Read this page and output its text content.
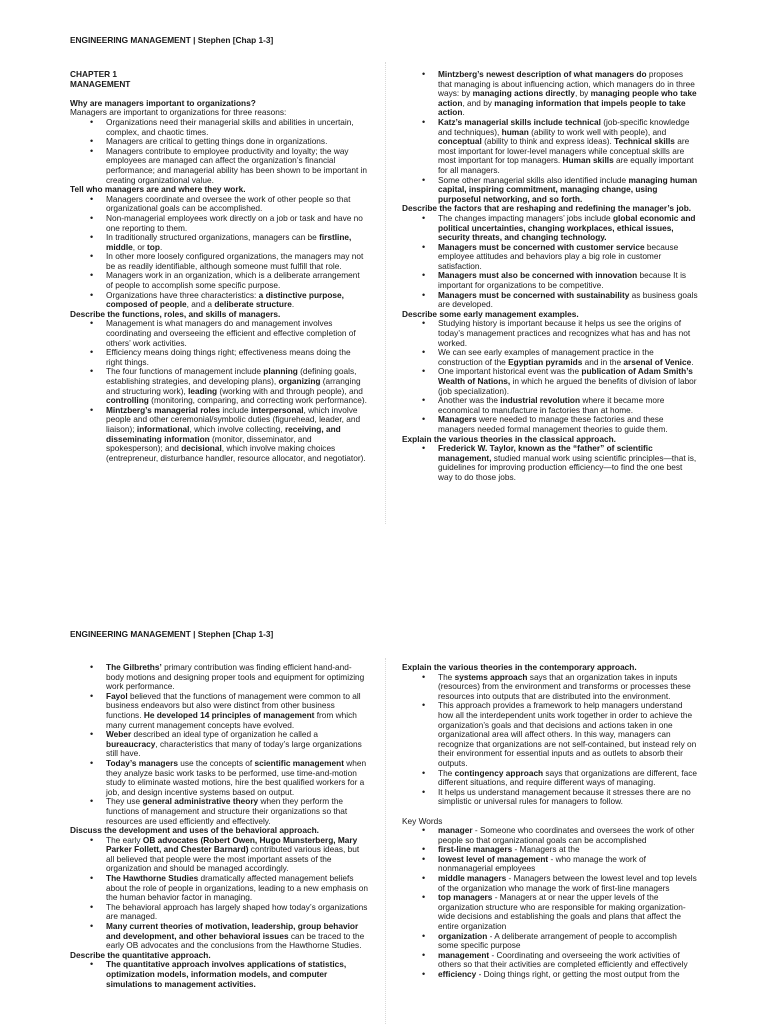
ENGINEERING MANAGEMENT | Stephen [Chap 1-3]
CHAPTER 1
MANAGEMENT
Why are managers important to organizations?

Managers are important to organizations for three reasons:

• Organizations need their managerial skills and abilities in uncertain, complex, and chaotic times.
• Managers are critical to getting things done in organizations.
• Managers contribute to employee productivity and loyalty; the way employees are managed can affect the organization’s financial performance; and managerial ability has been shown to be important in creating organizational value.
Tell who managers are and where they work.
• Managers coordinate and oversee the work of other people so that organizational goals can be accomplished.
• Non-managerial employees work directly on a job or task and have no one reporting to them.
• In traditionally structured organizations, managers can be firstline, middle, or top.
• In other more loosely configured organizations, the managers may not be as readily identifiable, although someone must fulfill that role.
• Managers work in an organization, which is a deliberate arrangement of people to accomplish some specific purpose.
• Organizations have three characteristics: a distinctive purpose, composed of people, and a deliberate structure.
Describe the functions, roles, and skills of managers.
• Management is what managers do and management involves coordinating and overseeing the efficient and effective completion of others’ work activities.
• Efficiency means doing things right; effectiveness means doing the right things.
• The four functions of management include planning (defining goals, establishing strategies, and developing plans), organizing (arranging and structuring work), leading (working with and through people), and controlling (monitoring, comparing, and correcting work performance).
• Mintzberg’s managerial roles include interpersonal, which involve people and other ceremonial/symbolic duties (figurehead, leader, and liaison); informational, which involve collecting, receiving, and disseminating information (monitor, disseminator, and spokesperson); and decisional, which involve making choices (entrepreneur, disturbance handler, resource allocator, and negotiator).
• Mintzberg’s newest description of what managers do proposes that managing is about influencing action, which managers do in three ways: by managing actions directly, by managing people who take action, and by managing information that impels people to take action.
• Katz’s managerial skills include technical (job-specific knowledge and techniques), human (ability to work well with people), and conceptual (ability to think and express ideas). Technical skills are most important for lower-level managers while conceptual skills are most important for top managers. Human skills are equally important for all managers.
• Some other managerial skills also identified include managing human capital, inspiring commitment, managing change, using purposeful networking, and so forth.
Describe the factors that are reshaping and redefining the manager’s job.
• The changes impacting managers’ jobs include global economic and political uncertainties, changing workplaces, ethical issues, security threats, and changing technology.
• Managers must be concerned with customer service because employee attitudes and behaviors play a big role in customer satisfaction.
• Managers must also be concerned with innovation because It is important for organizations to be competitive.
• Managers must be concerned with sustainability as business goals are developed.
Describe some early management examples.
• Studying history is important because it helps us see the origins of today’s management practices and recognizes what has and has not worked.
• We can see early examples of management practice in the construction of the Egyptian pyramids and in the arsenal of Venice.
• One important historical event was the publication of Adam Smith’s Wealth of Nations, in which he argued the benefits of division of labor (job specialization).
• Another was the industrial revolution where it became more economical to manufacture in factories than at home.
• Managers were needed to manage these factories and these managers needed formal management theories to guide them.
Explain the various theories in the classical approach.
• Frederick W. Taylor, known as the “father” of scientific management, studied manual work using scientific principles—that is, guidelines for improving production efficiency—to find the one best way to do those jobs.
ENGINEERING MANAGEMENT | Stephen [Chap 1-3]
• The Gilbreths’ primary contribution was finding efficient hand-and-body motions and designing proper tools and equipment for optimizing work performance.
• Fayol believed that the functions of management were common to all business endeavors but also were distinct from other business functions. He developed 14 principles of management from which many current management concepts have evolved.
• Weber described an ideal type of organization he called a bureaucracy, characteristics that many of today’s large organizations still have.
• Today’s managers use the concepts of scientific management when they analyze basic work tasks to be performed, use time-and-motion study to eliminate wasted motions, hire the best qualified workers for a job, and design incentive systems based on output.
• They use general administrative theory when they perform the functions of management and structure their organizations so that resources are used efficiently and effectively.
Discuss the development and uses of the behavioral approach.
• The early OB advocates (Robert Owen, Hugo Munsterberg, Mary Parker Follett, and Chester Barnard) contributed various ideas, but all believed that people were the most important assets of the organization and should be managed accordingly.
• The Hawthorne Studies dramatically affected management beliefs about the role of people in organizations, leading to a new emphasis on the human behavior factor in managing.
• The behavioral approach has largely shaped how today’s organizations are managed.
• Many current theories of motivation, leadership, group behavior and development, and other behavioral issues can be traced to the early OB advocates and the conclusions from the Hawthorne Studies.
Describe the quantitative approach.
• The quantitative approach involves applications of statistics, optimization models, information models, and computer simulations to management activities.
Explain the various theories in the contemporary approach.
• The systems approach says that an organization takes in inputs (resources) from the environment and transforms or processes these resources into outputs that are distributed into the environment.
• This approach provides a framework to help managers understand how all the interdependent units work together in order to achieve the organization’s goals and that decisions and actions taken in one organizational area will affect others. In this way, managers can recognize that organizations are not self-contained, but instead rely on their environment for essential inputs and as outlets to absorb their outputs.
• The contingency approach says that organizations are different, face different situations, and require different ways of managing.
• It helps us understand management because it stresses there are no simplistic or universal rules for managers to follow.

Key Words

• manager - Someone who coordinates and oversees the work of other people so that organizational goals can be accomplished
• first-line managers - Managers at the
• lowest level of management - who manage the work of nonmanagerial employees
• middle managers - Managers between the lowest level and top levels of the organization who manage the work of first-line managers
• top managers - Managers at or near the upper levels of the organization structure who are responsible for making organization-wide decisions and establishing the goals and plans that affect the entire organization
• organization - A deliberate arrangement of people to accomplish some specific purpose
• management - Coordinating and overseeing the work activities of others so that their activities are completed efficiently and effectively
• efficiency - Doing things right, or getting the most output from the
